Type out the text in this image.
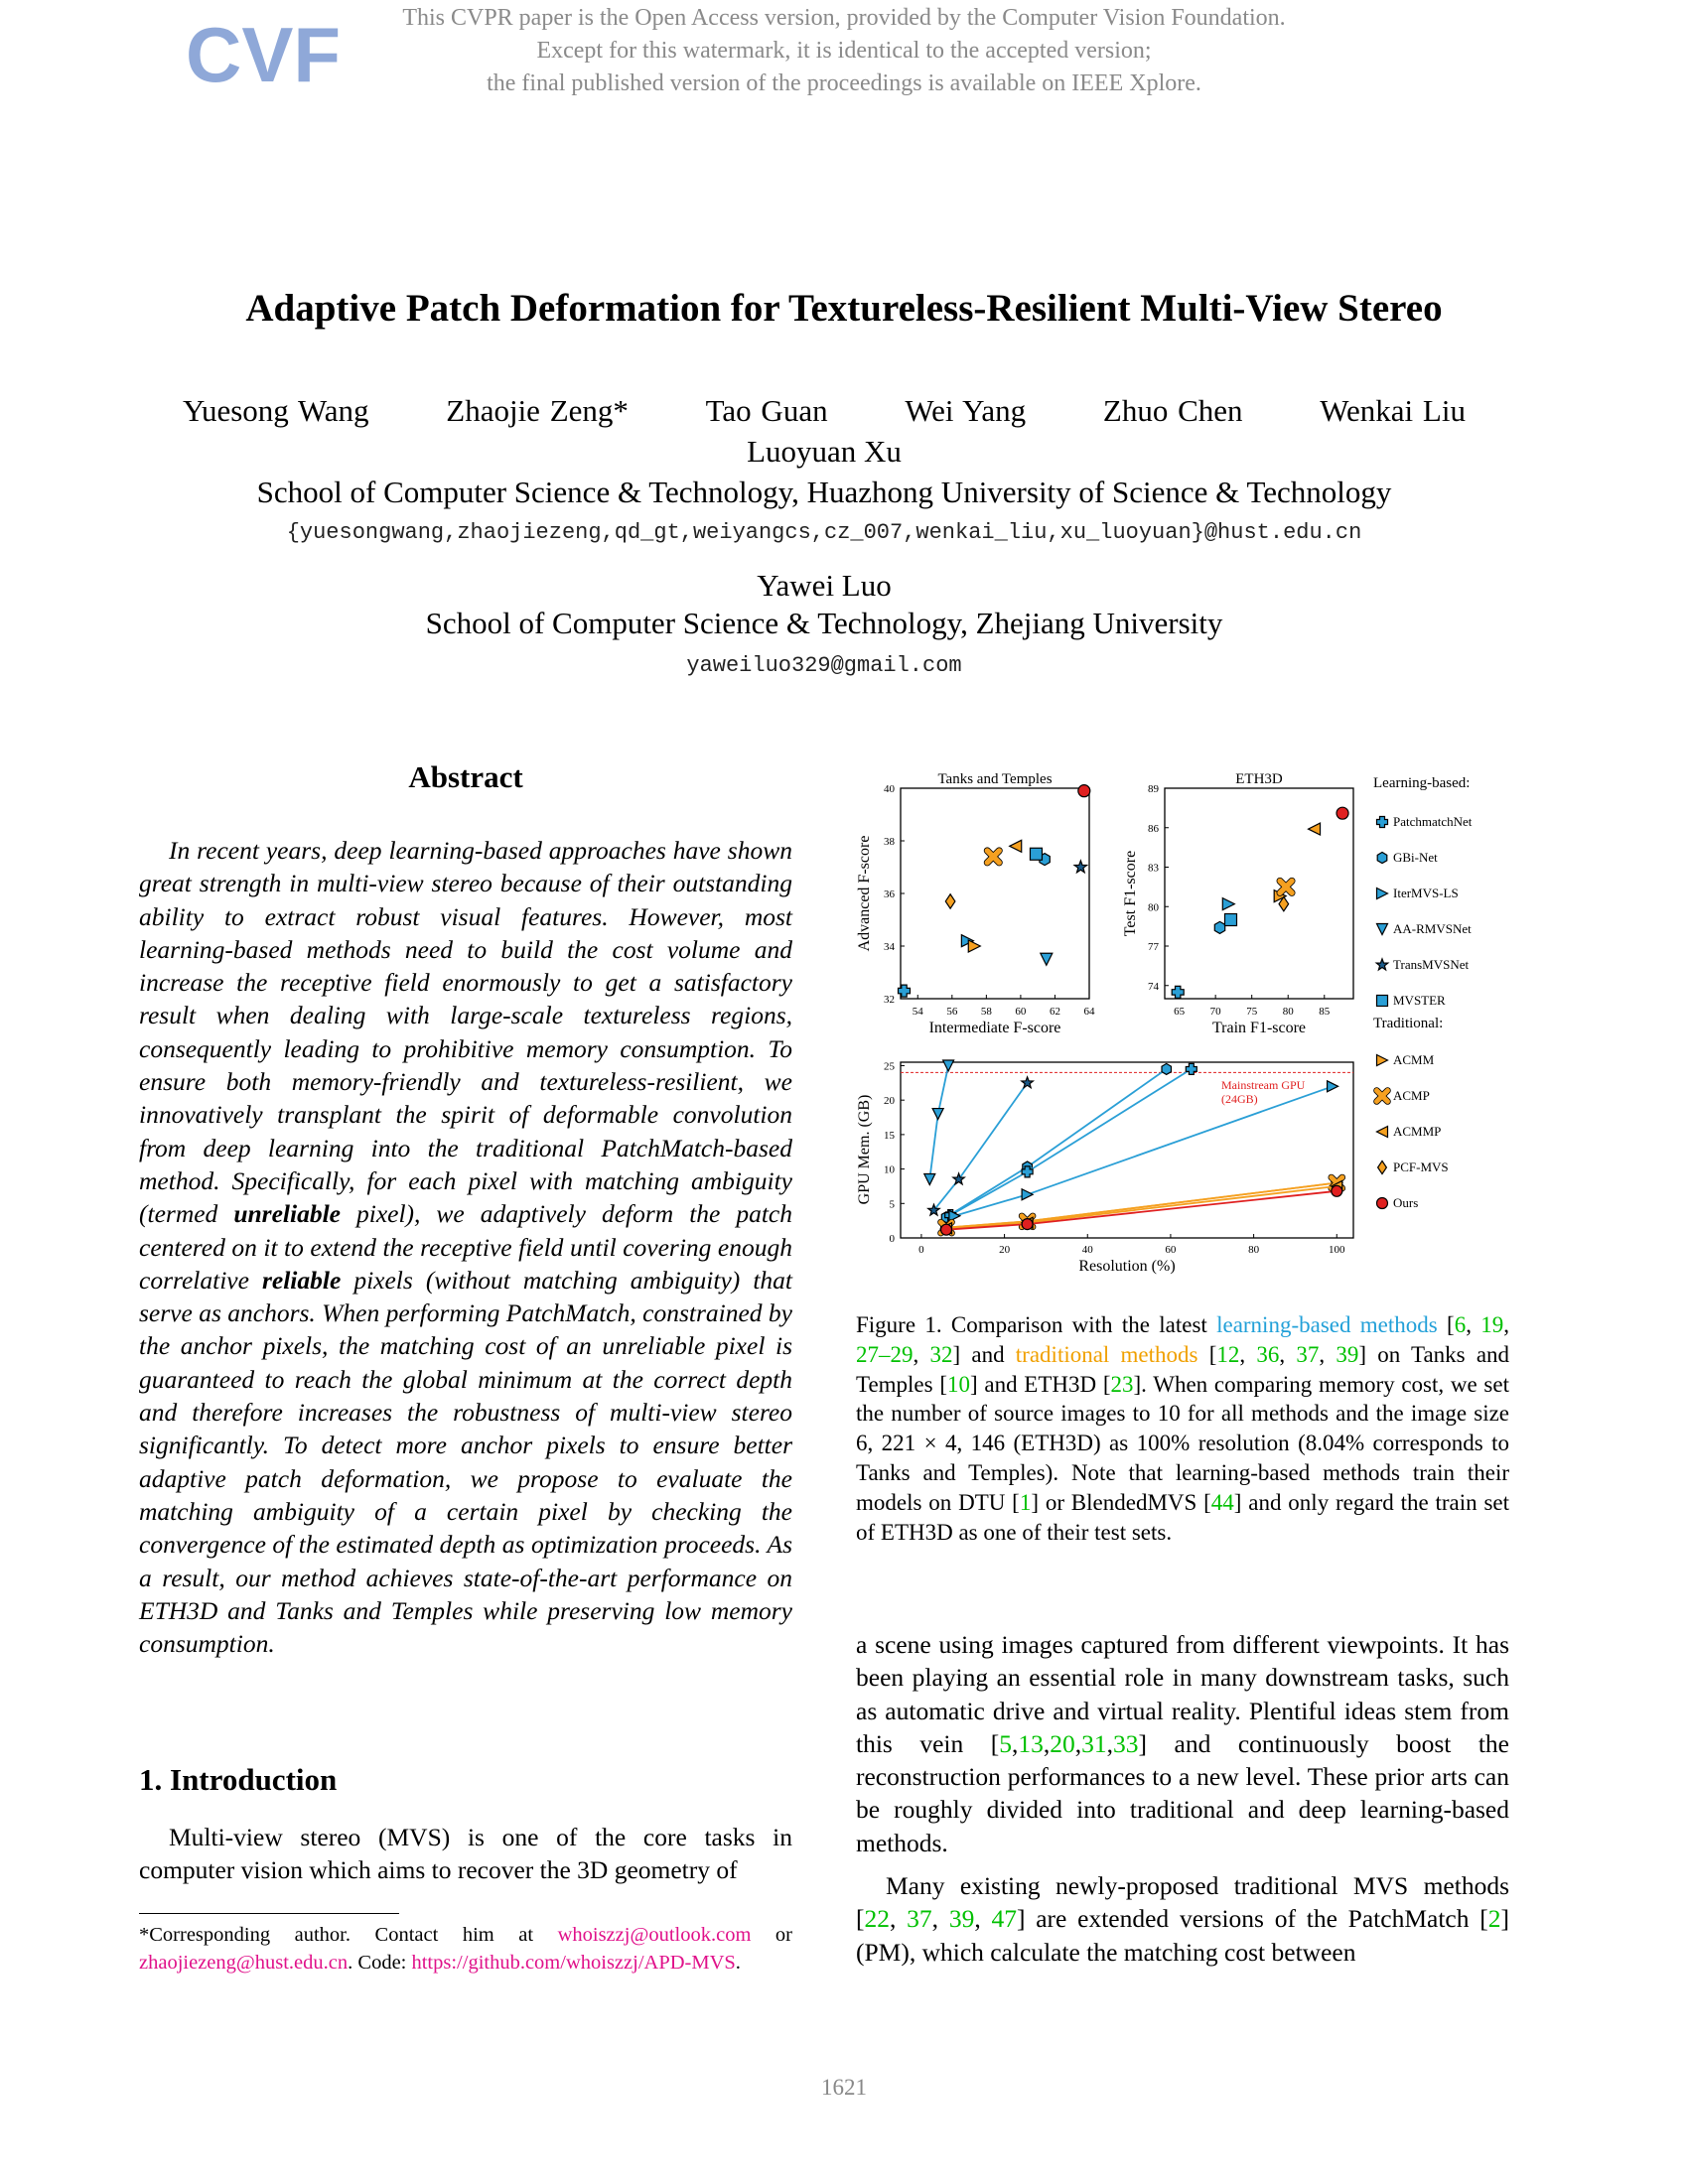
CVF	This CVPR paper is the Open Access version, provided by the Computer Vision Foundation.
Except for this watermark, it is identical to the accepted version;
the final published version of the proceedings is available on IEEE Xplore.
Adaptive Patch Deformation for Textureless-Resilient Multi-View Stereo
Yuesong Wang	Zhaojie Zeng*	Tao Guan	Wei Yang	Zhuo Chen	Wenkai Liu
Luoyuan Xu
School of Computer Science & Technology, Huazhong University of Science & Technology
{yuesongwang,zhaojiezeng,qd_gt,weiyangcs,cz_007,wenkai_liu,xu_luoyuan}@hust.edu.cn
Yawei Luo
School of Computer Science & Technology, Zhejiang University
yaweiluo329@gmail.com
Abstract
In recent years, deep learning-based approaches have shown great strength in multi-view stereo because of their outstanding ability to extract robust visual features. However, most learning-based methods need to build the cost volume and increase the receptive field enormously to get a satisfactory result when dealing with large-scale textureless regions, consequently leading to prohibitive memory consumption. To ensure both memory-friendly and textureless-resilient, we innovatively transplant the spirit of deformable convolution from deep learning into the traditional PatchMatch-based method. Specifically, for each pixel with matching ambiguity (termed unreliable pixel), we adaptively deform the patch centered on it to extend the receptive field until covering enough correlative reliable pixels (without matching ambiguity) that serve as anchors. When performing PatchMatch, constrained by the anchor pixels, the matching cost of an unreliable pixel is guaranteed to reach the global minimum at the correct depth and therefore increases the robustness of multi-view stereo significantly. To detect more anchor pixels to ensure better adaptive patch deformation, we propose to evaluate the matching ambiguity of a certain pixel by checking the convergence of the estimated depth as optimization proceeds. As a result, our method achieves state-of-the-art performance on ETH3D and Tanks and Temples while preserving low memory consumption.
1. Introduction
Multi-view stereo (MVS) is one of the core tasks in computer vision which aims to recover the 3D geometry of
*Corresponding author. Contact him at whoiszzj@outlook.com or zhaojiezeng@hust.edu.cn. Code: https://github.com/whoiszzj/APD-MVS.
Tanks and Temples
Intermediate F-score
Advanced F-score
54 56 58 60 62 64
32
34
36
38
40
ETH3D
Train F1-score
Test F1-score
65 70 75 80 85
74
77
80
83
86
89
Resolution (%)
GPU Mem. (GB)
0	20	40	60	80	100
0
5
10
15
20
25
Mainstream GPU
(24GB)
Learning-based:
Traditional:
PatchmatchNet
GBi-Net
IterMVS-LS
AA-RMVSNet
TransMVSNet
MVSTER
ACMM
ACMP
ACMMP
PCF-MVS
Ours
Figure 1. Comparison with the latest learning-based methods [6, 19, 27–29, 32] and traditional methods [12, 36, 37, 39] on Tanks and Temples [10] and ETH3D [23]. When comparing memory cost, we set the number of source images to 10 for all methods and the image size 6, 221 × 4, 146 (ETH3D) as 100% resolution (8.04% corresponds to Tanks and Temples). Note that learning-based methods train their models on DTU [1] or BlendedMVS [44] and only regard the train set of ETH3D as one of their test sets.

a scene using images captured from different viewpoints. It has been playing an essential role in many downstream tasks, such as automatic drive and virtual reality. Plentiful ideas stem from this vein [5,13,20,31,33] and continuously boost the reconstruction performances to a new level. These prior arts can be roughly divided into traditional and deep learning-based methods.

Many existing newly-proposed traditional MVS methods [22, 37, 39, 47] are extended versions of the PatchMatch [2] (PM), which calculate the matching cost between

1621
